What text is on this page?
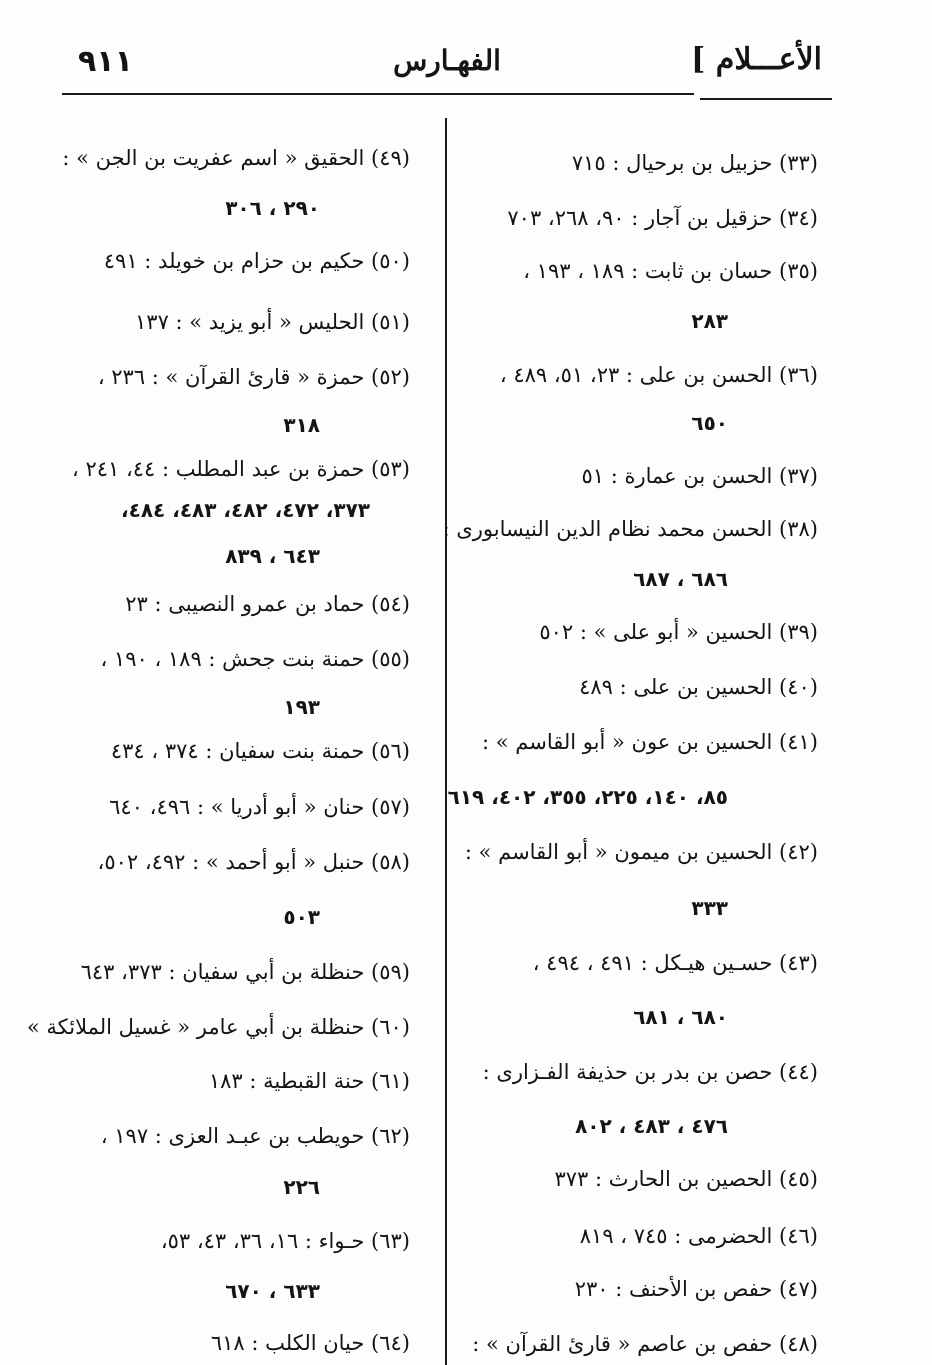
٩١١	الفهـارس	الأعـــلام ]
(٣٣) حزبيل بن برحيال : ٧١٥
(٣٤) حزقيل بن آجار : ٩٠، ٢٦٨، ٧٠٣
(٣٥) حسان بن ثابت : ١٨٩ ، ١٩٣ ،
٢٨٣
(٣٦) الحسن بن على : ٢٣، ٥١، ٤٨٩ ،
٦٥٠
(٣٧) الحسن بن عمارة : ٥١
(٣٨) الحسن محمد نظام الدين النيسابورى :
٦٨٦ ، ٦٨٧
(٣٩) الحسين « أبو على » : ٥٠٢
(٤٠) الحسين بن على : ٤٨٩
(٤١) الحسين بن عون « أبو القاسم » :
٨٥، ١٤٠، ٢٢٥، ٣٥٥، ٤٠٢، ٦١٩
(٤٢) الحسين بن ميمون « أبو القاسم » :
٣٣٣
(٤٣) حسـين هيـكل : ٤٩١ ، ٤٩٤ ،
٦٨٠ ، ٦٨١
(٤٤) حصن بن بدر بن حذيفة الفـزارى :
٤٧٦ ، ٤٨٣ ، ٨٠٢
(٤٥) الحصين بن الحارث : ٣٧٣
(٤٦) الحضرمى : ٧٤٥ ، ٨١٩
(٤٧) حفص بن الأحنف : ٢٣٠
(٤٨) حفص بن عاصم « قارئ القرآن » :
(٤٩) الحقيق « اسم عفريت بن الجن » :
٢٩٠ ، ٣٠٦
(٥٠) حكيم بن حزام بن خويلد : ٤٩١
(٥١) الحليس « أبو يزيد » : ١٣٧
(٥٢) حمزة « قارئ القرآن » : ٢٣٦ ،
٣١٨
(٥٣) حمزة بن عبد المطلب : ٤٤، ٢٤١ ،
٣٧٣، ٤٧٢، ٤٨٢، ٤٨٣، ٤٨٤،
٦٤٣ ، ٨٣٩
(٥٤) حماد بن عمرو النصيبى : ٢٣
(٥٥) حمنة بنت جحش : ١٨٩ ، ١٩٠ ،
١٩٣
(٥٦) حمنة بنت سفيان : ٣٧٤ ، ٤٣٤
(٥٧) حنان « أبو أدريا » : ٤٩٦، ٦٤٠
(٥٨) حنبل « أبو أحمد » : ٤٩٢، ٥٠٢،
٥٠٣
(٥٩) حنظلة بن أبي سفيان : ٣٧٣، ٦٤٣
(٦٠) حنظلة بن أبي عامر « غسيل الملائكة »
(٦١) حنة القبطية : ١٨٣
(٦٢) حويطب بن عبـد العزى : ١٩٧ ،
٢٢٦
(٦٣) حـواء : ١٦، ٣٦، ٤٣، ٥٣،
٦٣٣ ، ٦٧٠
(٦٤) حيان الكلب : ٦١٨
